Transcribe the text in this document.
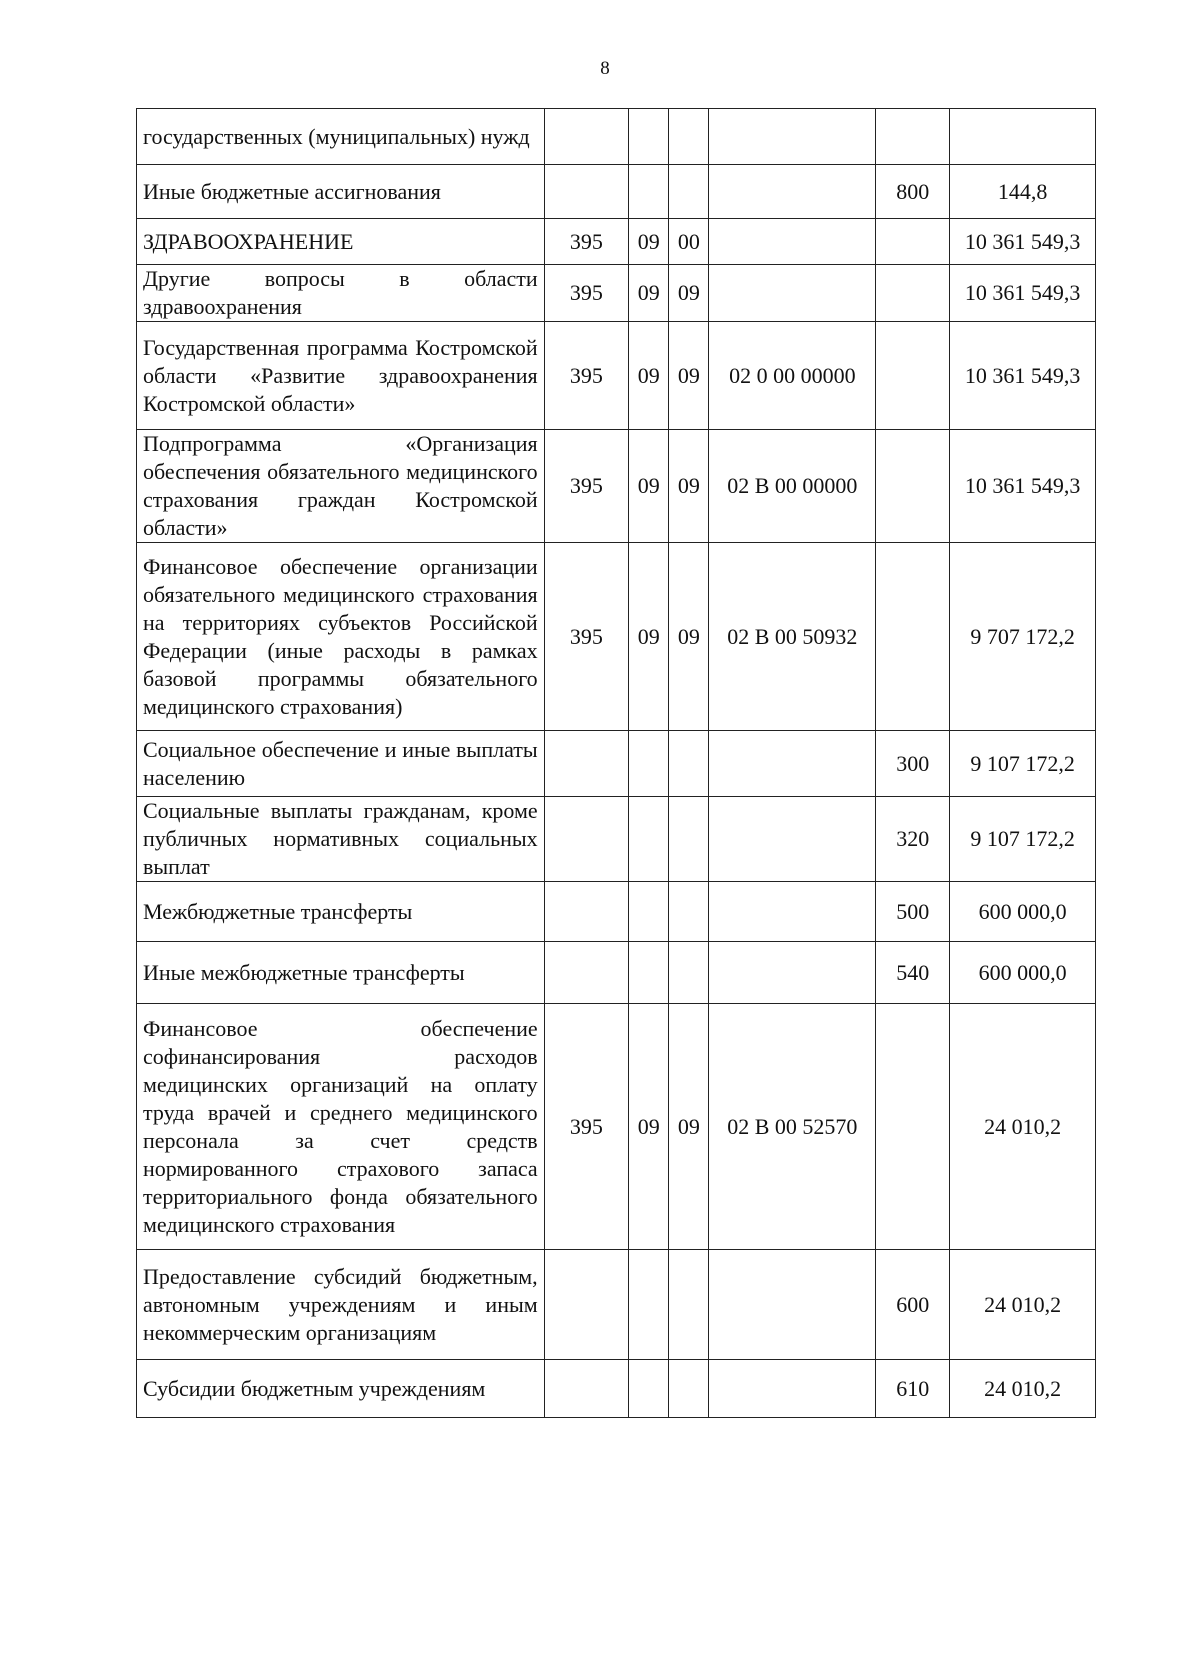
8
государственных (муниципальных) нужд						
Иные бюджетные ассигнования					800	144,8
ЗДРАВООХРАНЕНИЕ	395	09	00			10 361 549,3
Другие вопросы в области здравоохранения	395	09	09			10 361 549,3
Государственная программа Костромской области «Развитие здравоохранения Костромской области»	395	09	09	02 0 00 00000		10 361 549,3
Подпрограмма «Организация обеспечения обязательного медицинского страхования граждан Костромской области»	395	09	09	02 В 00 00000		10 361 549,3
Финансовое обеспечение организации обязательного медицинского страхования на территориях субъектов Российской Федерации (иные расходы в рамках базовой программы обязательного медицинского страхования)	395	09	09	02 В 00 50932		9 707 172,2
Социальное обеспечение и иные выплаты населению					300	9 107 172,2
Социальные выплаты гражданам, кроме публичных нормативных социальных выплат					320	9 107 172,2
Межбюджетные трансферты					500	600 000,0
Иные межбюджетные трансферты					540	600 000,0
Финансовое обеспечение софинансирования расходов медицинских организаций на оплату труда врачей и среднего медицинского персонала за счет средств нормированного страхового запаса территориального фонда обязательного медицинского страхования	395	09	09	02 В 00 52570		24 010,2
Предоставление субсидий бюджетным, автономным учреждениям и иным некоммерческим организациям					600	24 010,2
Субсидии бюджетным учреждениям					610	24 010,2
